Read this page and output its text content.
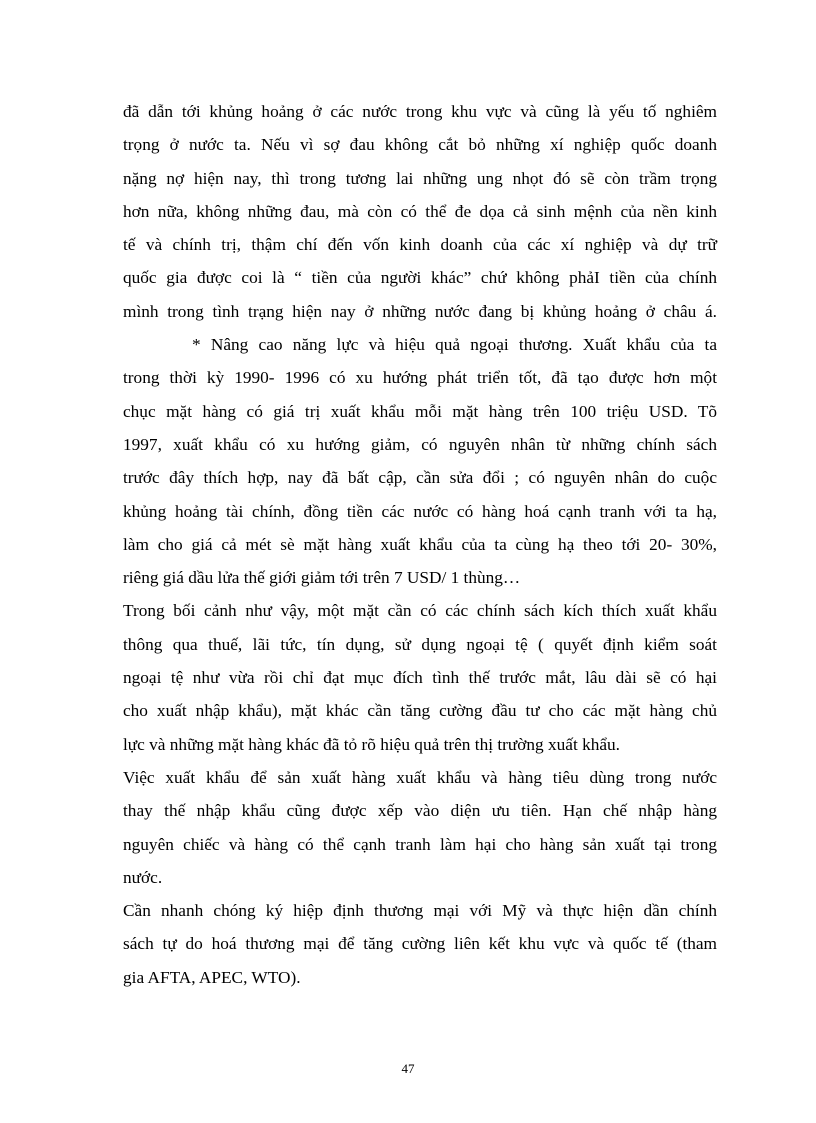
đã dẫn tới khủng hoảng ở các nước trong khu vực và cũng là yếu tố nghiêm
trọng ở nước ta. Nếu vì sợ đau không cắt bỏ những xí nghiệp quốc doanh
nặng nợ hiện nay, thì trong tương lai những ung nhọt đó sẽ còn trầm trọng
hơn nữa, không những đau, mà còn có thể đe dọa cả sinh mệnh của nền kinh
tế và chính trị, thậm chí đến vốn kinh doanh của các xí nghiệp và dự trữ
quốc gia được coi là “ tiền của người khác” chứ không phảI tiền của chính
mình trong tình trạng hiện nay ở những nước đang bị khủng hoảng ở châu á.
* Nâng cao năng lực và hiệu quả ngoại thương. Xuất khẩu của ta
trong thời kỳ 1990- 1996 có xu hướng phát triển tốt, đã tạo được hơn một
chục mặt hàng có giá trị xuất khẩu mỗi mặt hàng trên 100 triệu USD. Tõ
1997, xuất khẩu có xu hướng giảm, có nguyên nhân từ những chính sách
trước đây thích hợp, nay đã bất cập, cần sửa đổi ; có nguyên nhân do cuộc
khủng hoảng tài chính, đồng tiền các nước có hàng hoá cạnh tranh với ta hạ,
làm cho giá cả mét sè mặt hàng xuất khẩu của ta cùng hạ theo tới 20- 30%,
riêng giá dầu lửa thế giới giảm tới trên 7 USD/ 1 thùng…
Trong bối cảnh như vậy, một mặt cần có các chính sách kích thích xuất khẩu
thông qua thuế, lãi tức, tín dụng, sử dụng ngoại tệ ( quyết định kiểm soát
ngoại tệ như vừa rồi chỉ đạt mục đích tình thế trước mắt, lâu dài sẽ có hại
cho xuất nhập khẩu), mặt khác cần tăng cường đầu tư cho các mặt hàng chủ
lực và những mặt hàng khác đã tỏ rõ hiệu quả trên thị trường xuất khẩu.
Việc xuất khẩu để sản xuất hàng xuất khẩu và hàng tiêu dùng trong nước
thay thế nhập khẩu cũng được xếp vào diện ưu tiên. Hạn chế nhập hàng
nguyên chiếc và hàng có thể cạnh tranh làm hại cho hàng sản xuất tại trong
nước.
Cần nhanh chóng ký hiệp định thương mại với Mỹ và thực hiện dần chính
sách tự do hoá thương mại để tăng cường liên kết khu vực và quốc tế (tham
gia AFTA, APEC, WTO).
47
